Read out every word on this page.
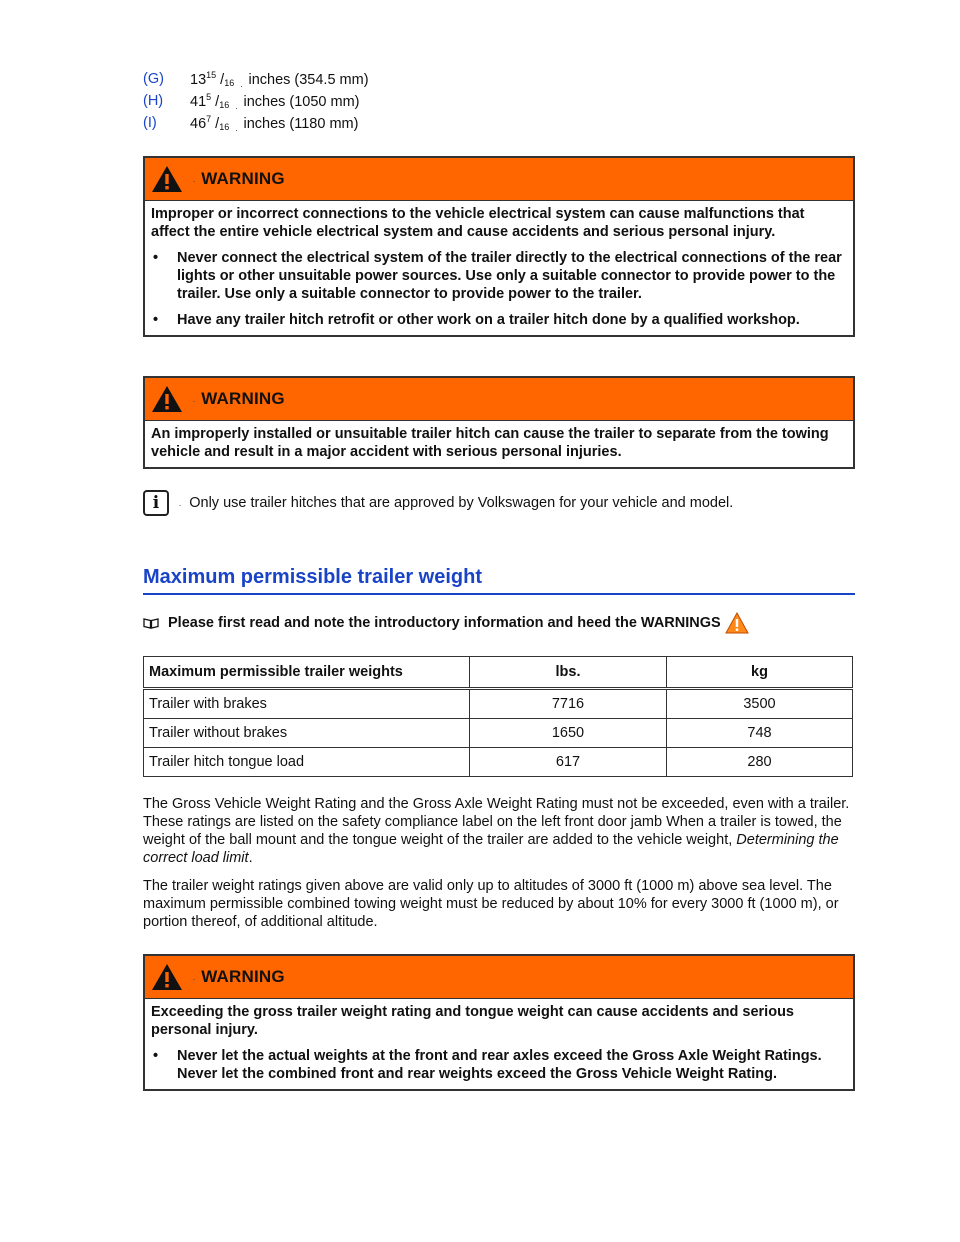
(G)	$13^{15}$ $/_{16}$ $_.$ inches (354.5 mm)
(H)	$41^5$ $/_{16}$ $_.$ inches (1050 mm)
(I)	$46^7$ $/_{16}$ $_.$ inches (1180 mm)
. WARNING

Improper or incorrect connections to the vehicle electrical system can cause malfunctions that affect the entire vehicle electrical system and cause accidents and serious personal injury.

•	Never connect the electrical system of the trailer directly to the electrical connections of the rear lights or other unsuitable power sources. Use only a suitable connector to provide power to the trailer. Use only a suitable connector to provide power to the trailer.
•	Have any trailer hitch retrofit or other work on a trailer hitch done by a qualified workshop.
. WARNING

An improperly installed or unsuitable trailer hitch can cause the trailer to separate from the towing vehicle and result in a major accident with serious personal injuries.

i	. Only use trailer hitches that are approved by Volkswagen for your vehicle and model.
Maximum permissible trailer weight
Please first read and note the introductory information and heed the WARNINGS
Maximum permissible trailer weights	lbs.	kg
Trailer with brakes	7716	3500
Trailer without brakes	1650	748
Trailer hitch tongue load	617	280
The Gross Vehicle Weight Rating and the Gross Axle Weight Rating must not be exceeded, even with a trailer. These ratings are listed on the safety compliance label on the left front door jamb When a trailer is towed, the weight of the ball mount and the tongue weight of the trailer are added to the vehicle weight, Determining the correct load limit.
The trailer weight ratings given above are valid only up to altitudes of 3000 ft (1000 m) above sea level. The maximum permissible combined towing weight must be reduced by about 10% for every 3000 ft (1000 m), or portion thereof, of additional altitude.
. WARNING

Exceeding the gross trailer weight rating and tongue weight can cause accidents and serious personal injury.

•	Never let the actual weights at the front and rear axles exceed the Gross Axle Weight Ratings. Never let the combined front and rear weights exceed the Gross Vehicle Weight Rating.
